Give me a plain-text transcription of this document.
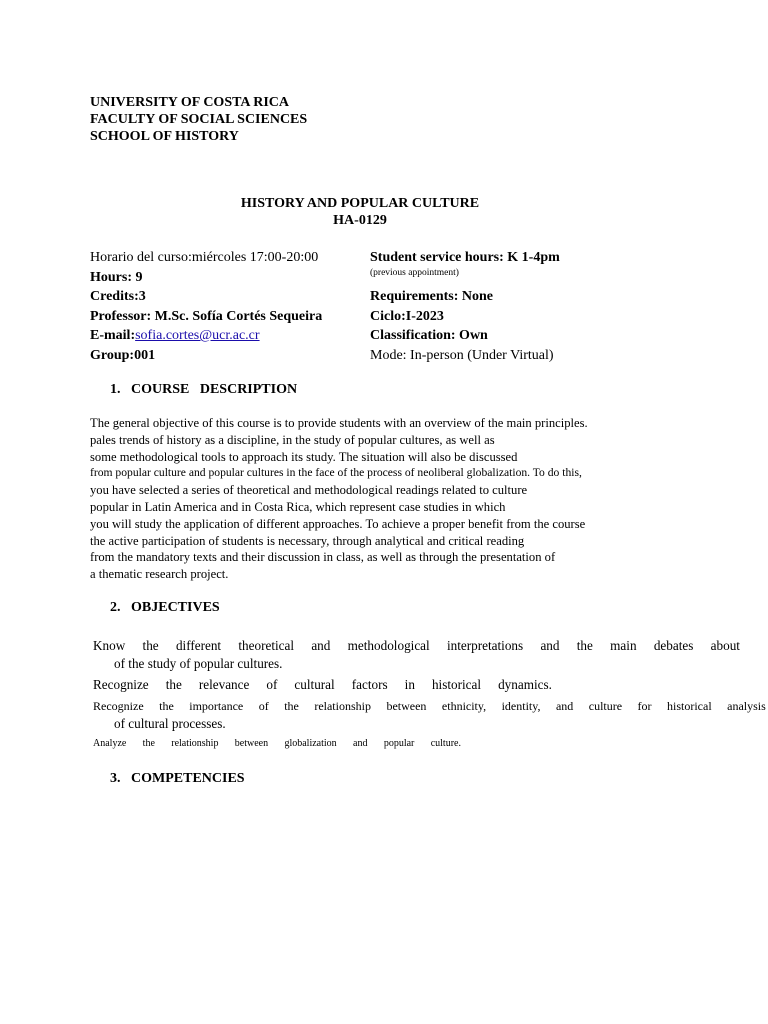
UNIVERSITY OF COSTA RICA
FACULTY OF SOCIAL SCIENCES
SCHOOL OF HISTORY
HISTORY AND POPULAR CULTURE
HA-0129
Horario del curso:miércoles 17:00-20:00
Hours: 9
Credits:3
Professor: M.Sc. Sofía Cortés Sequeira
E-mail:sofia.cortes@ucr.ac.cr
Group:001
Student service hours: K 1-4pm
(previous appointment)
Requirements: None
Ciclo:I-2023
Classification: Own
Mode: In-person (Under Virtual)
1. COURSE   DESCRIPTION
The general objective of this course is to provide students with an overview of the main principles.
pales trends of history as a discipline, in the study of popular cultures, as well as
some methodological tools to approach its study. The situation will also be discussed
from popular culture and popular cultures in the face of the process of neoliberal globalization. To do this,
you have selected a series of theoretical and methodological readings related to culture
popular in Latin America and in Costa Rica, which represent case studies in which
you will study the application of different approaches. To achieve a proper benefit from the course
the active participation of students is necessary, through analytical and critical reading
from the mandatory texts and their discussion in class, as well as through the presentation of
a thematic research project.
2. OBJECTIVES
Know the different theoretical and methodological interpretations and the main debates about
of the study of popular cultures.
Recognize the relevance of cultural factors in historical dynamics.
Recognize the importance of the relationship between ethnicity, identity, and culture for historical analysis
of cultural processes.
Analyze the relationship between globalization and popular culture.
3. COMPETENCIES
